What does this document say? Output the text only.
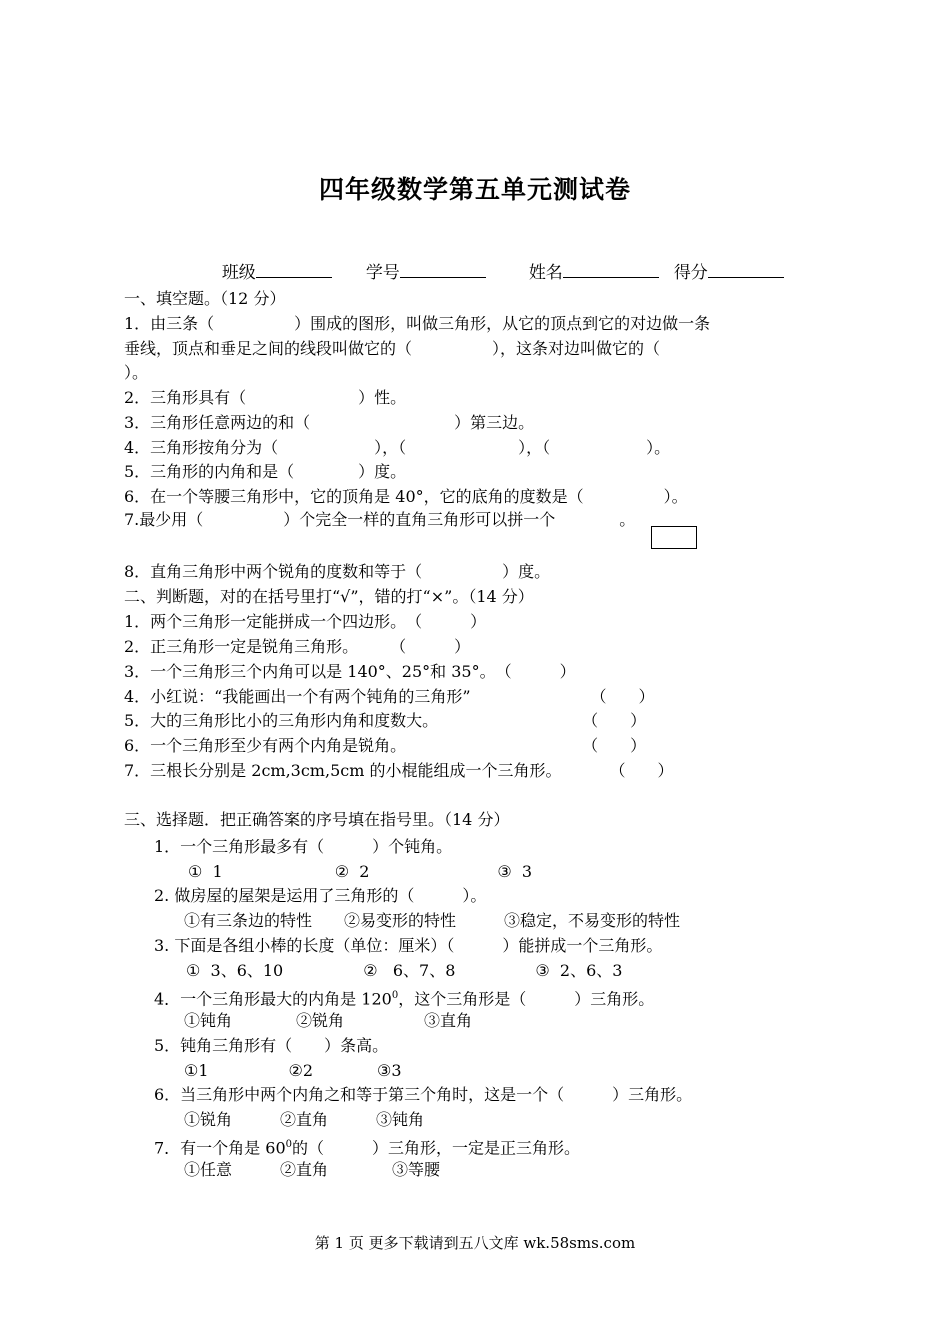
四年级数学第五单元测试卷

班级	学号	姓名	得分

一、填空题。（12 分）
1．由三条（　　　　　）围成的图形，叫做三角形，从它的顶点到它的对边做一条
垂线，顶点和垂足之间的线段叫做它的（　　　　　），这条对边叫做它的（
）。
2．三角形具有（　　　　　　　）性。
3．三角形任意两边的和（　　　　　　　　　）第三边。
4．三角形按角分为（　　　　　　），（　　　　　　　），（　　　　　　）。
5．三角形的内角和是（　　　　）度。
6．在一个等腰三角形中，它的顶角是 40°，它的底角的度数是（　　　　　）。
7.最少用（　　　　　）个完全一样的直角三角形可以拼一个　　　　。
8．直角三角形中两个锐角的度数和等于（　　　　　）度。
二、判断题，对的在括号里打“√”，错的打“×”。（14 分）
1．两个三角形一定能拼成一个四边形。　（　　　）
2．正三角形一定是锐角三角形。　　　（　　　）
3．一个三角形三个内角可以是 140°、25°和 35°。　（　　　）
4．小红说：“我能画出一个有两个钝角的三角形”　　　　　　　　（　　）
5．大的三角形比小的三角形内角和度数大。　　　　　　　　　　（　　）
6．一个三角形至少有两个内角是锐角。　　　　　　　　　　　　（　　）
7．三根长分别是 2cm,3cm,5cm 的小棍能组成一个三角形。　　　　（　　）
三、选择题．把正确答案的序号填在指号里。（14 分）
1．一个三角形最多有（　　　）个钝角。
①  1　　　　　　　②  2　　　　　　　　③  3
2. 做房屋的屋架是运用了三角形的（　　　）。
①有三条边的特性　　②易变形的特性　　　③稳定，不易变形的特性
3. 下面是各组小棒的长度（单位：厘米）（　　　）能拼成一个三角形。
①  3、6、10　　　　　②   6、7、8　　　　　③  2、6、3
4．一个三角形最大的内角是 $120^0$，这个三角形是（　　　）三角形。
①钝角　　　　②锐角　　　　　③直角
5．钝角三角形有（　　）条高。
①1　　　　　②2　　　　③3
6．当三角形中两个内角之和等于第三个角时，这是一个（　　　）三角形。
①锐角　　　②直角　　　③钝角
7．有一个角是 $60^0$的（　　　）三角形，一定是正三角形。
①任意　　　②直角　　　　③等腰
第 1 页 更多下载请到五八文库 wk.58sms.com
